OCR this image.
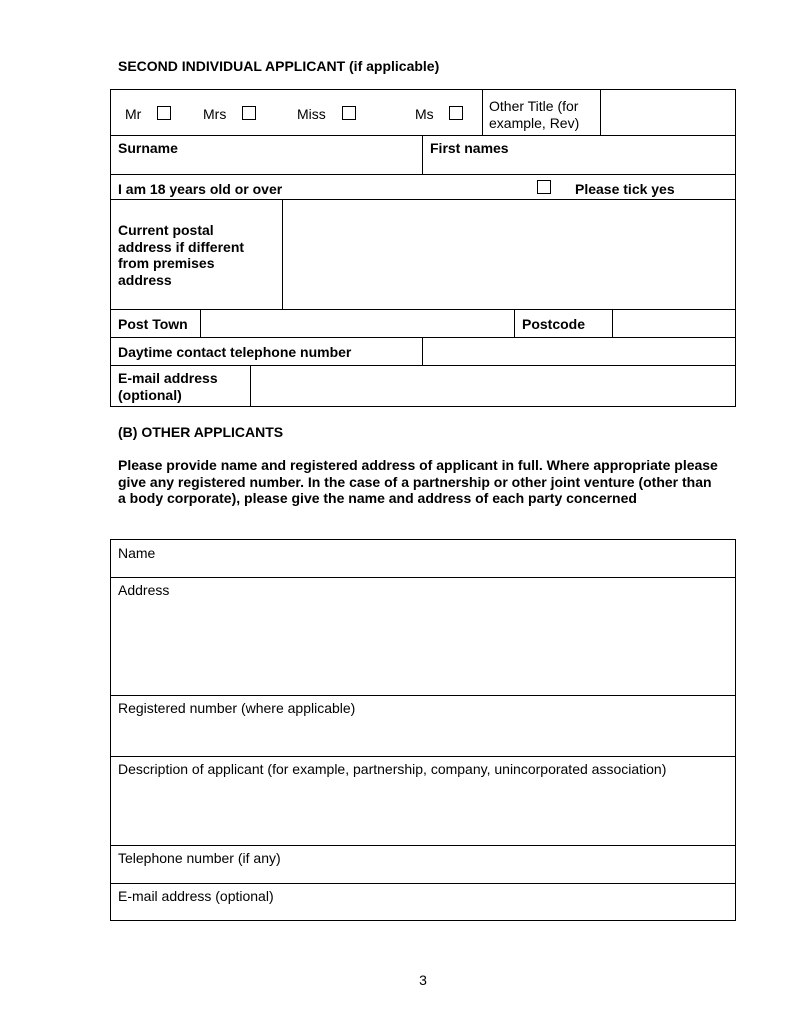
SECOND INDIVIDUAL APPLICANT (if applicable)
Mr	Mrs	Miss	Ms	Other Title (for example, Rev)
Surname	First names
I am 18 years old or over	Please tick yes
Current postal address if different from premises address
Post Town	Postcode
Daytime contact telephone number
E-mail address (optional)
(B) OTHER APPLICANTS
Please provide name and registered address of applicant in full. Where appropriate please give any registered number. In the case of a partnership or other joint venture (other than a body corporate), please give the name and address of each party concerned
Name
Address
Registered number (where applicable)
Description of applicant (for example, partnership, company, unincorporated association)
Telephone number (if any)
E-mail address (optional)
3
